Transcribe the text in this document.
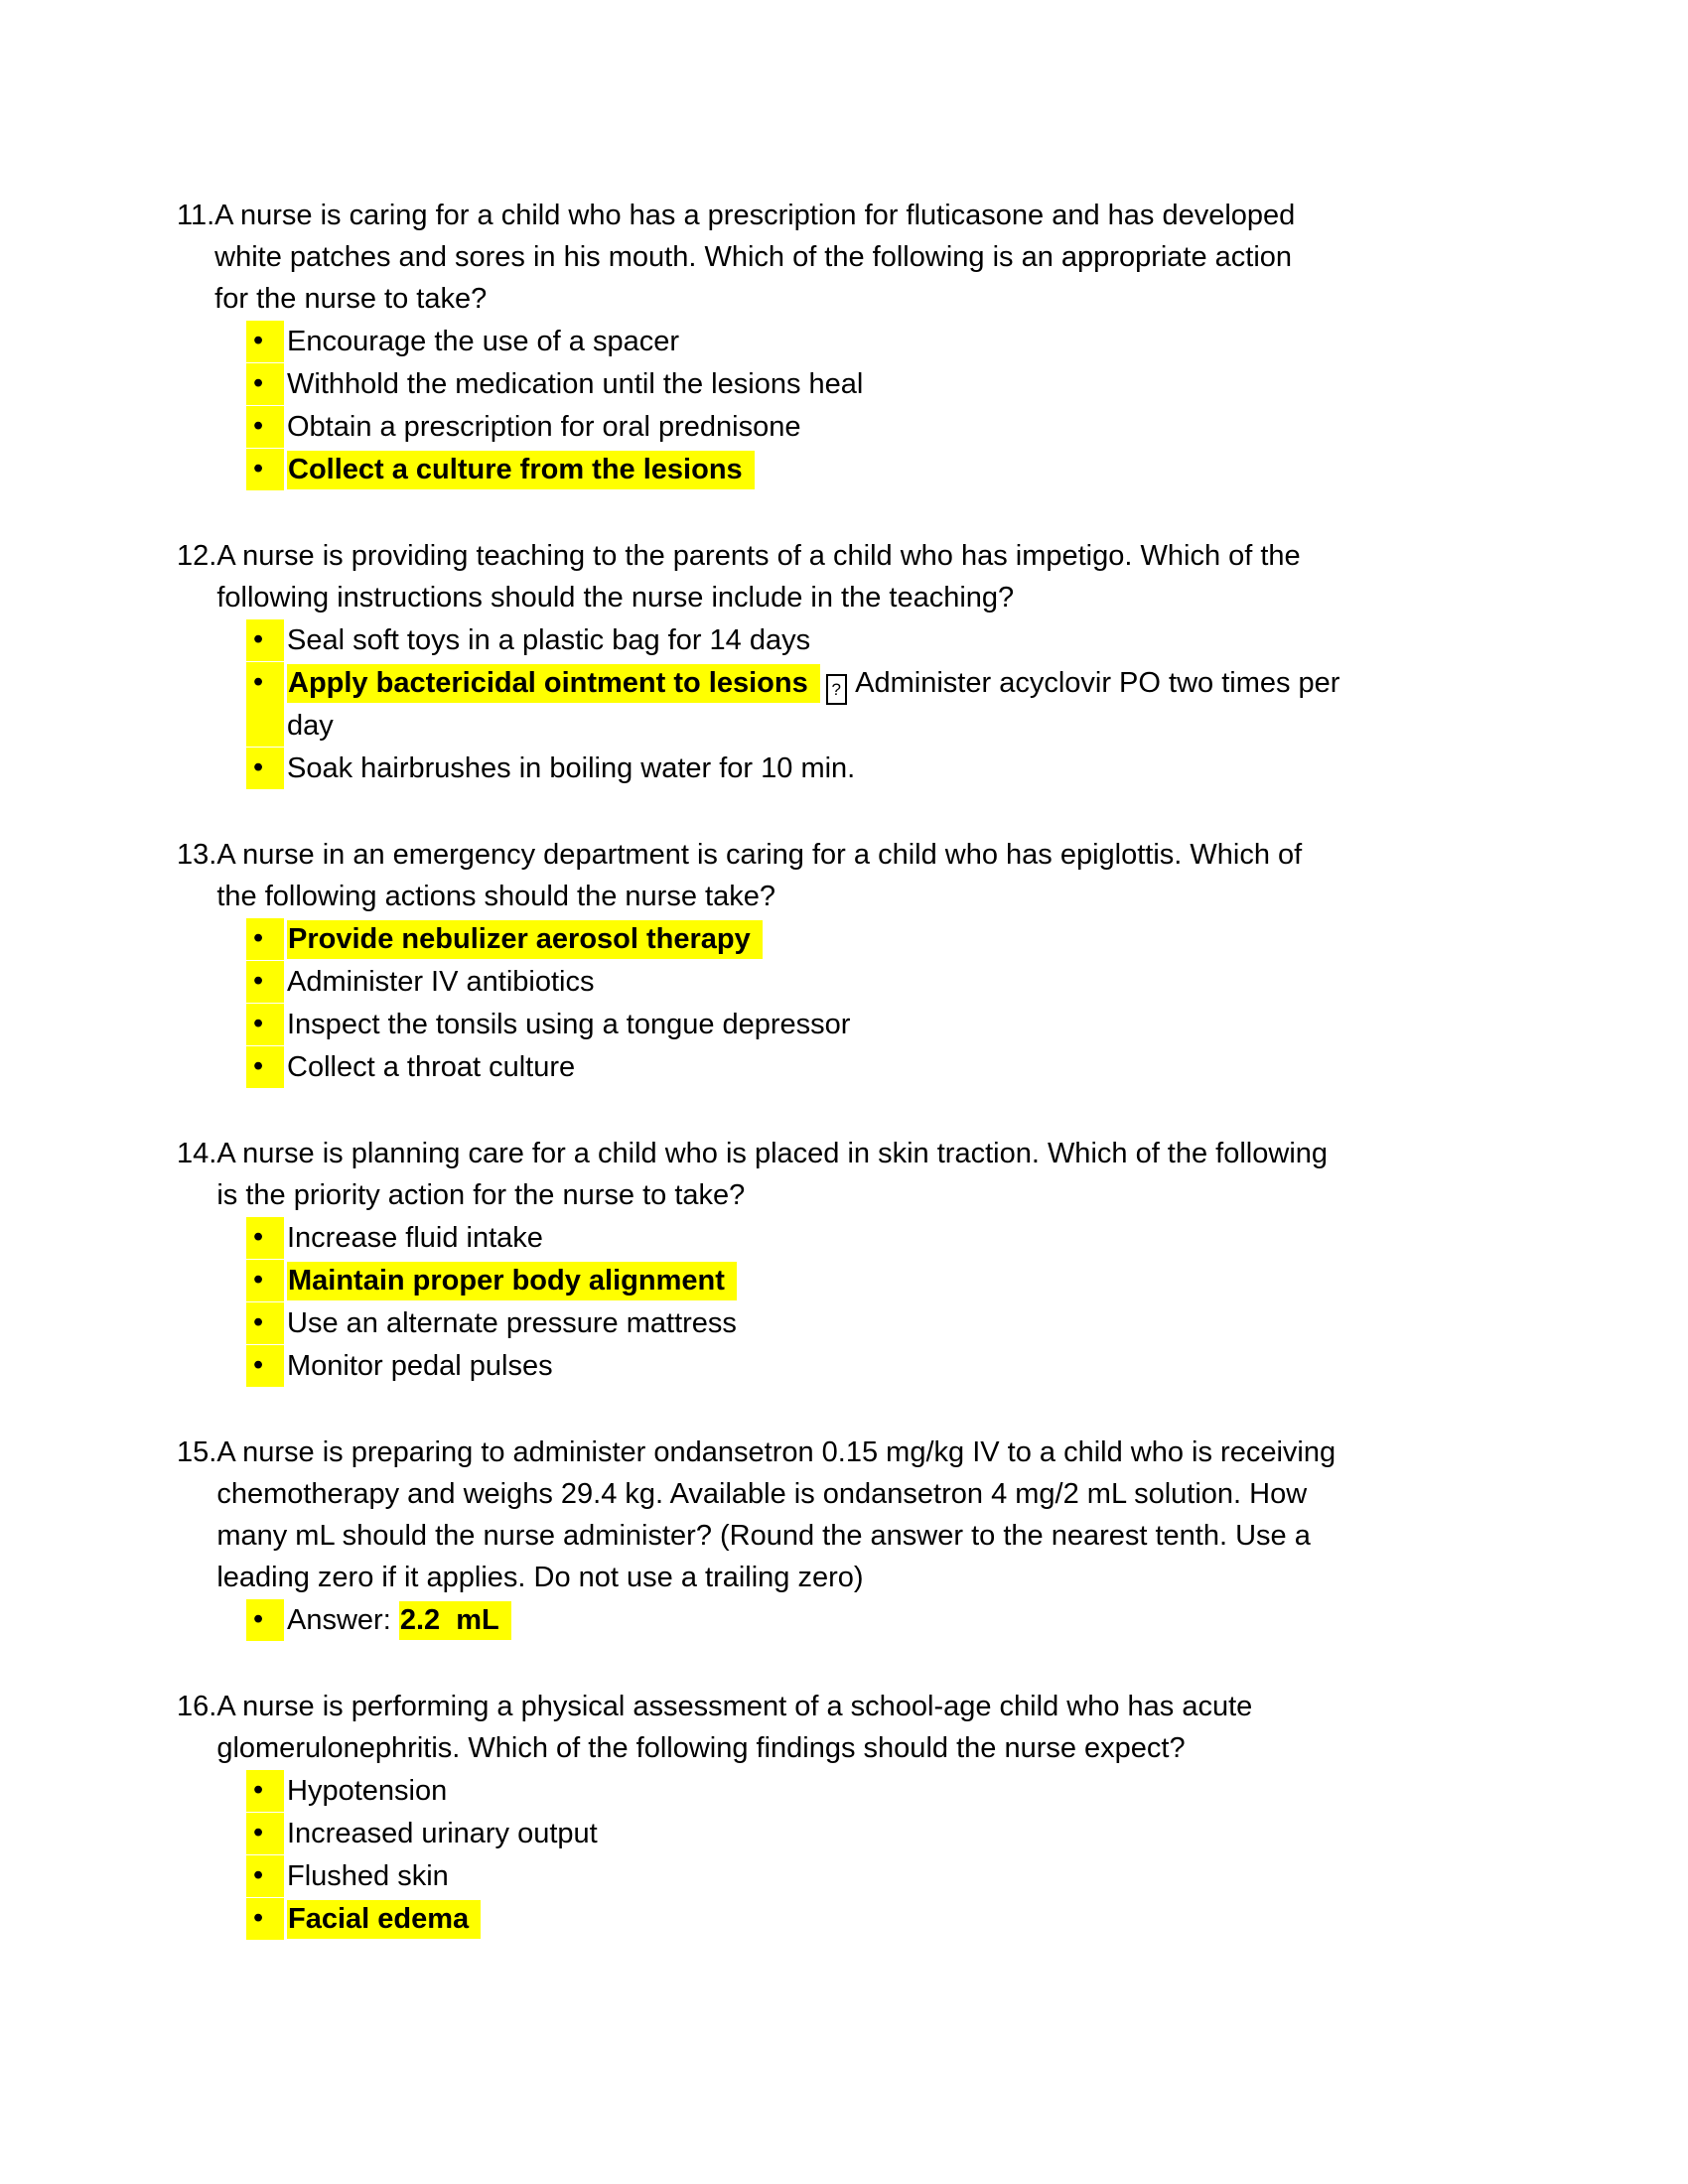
11. A nurse is caring for a child who has a prescription for fluticasone and has developed
white patches and sores in his mouth. Which of the following is an appropriate action
for the nurse to take?
• Encourage the use of a spacer
• Withhold the medication until the lesions heal
• Obtain a prescription for oral prednisone
• Collect a culture from the lesions
12. A nurse is providing teaching to the parents of a child who has impetigo. Which of the
following instructions should the nurse include in the teaching?
• Seal soft toys in a plastic bag for 14 days
• Apply bactericidal ointment to lesions ? Administer acyclovir PO two times per
day
• Soak hairbrushes in boiling water for 10 min.
13. A nurse in an emergency department is caring for a child who has epiglottis. Which of
the following actions should the nurse take?
• Provide nebulizer aerosol therapy
• Administer IV antibiotics
• Inspect the tonsils using a tongue depressor
• Collect a throat culture
14. A nurse is planning care for a child who is placed in skin traction. Which of the following
is the priority action for the nurse to take?
• Increase fluid intake
• Maintain proper body alignment
• Use an alternate pressure mattress
• Monitor pedal pulses
15. A nurse is preparing to administer ondansetron 0.15 mg/kg IV to a child who is receiving
chemotherapy and weighs 29.4 kg. Available is ondansetron 4 mg/2 mL solution. How
many mL should the nurse administer? (Round the answer to the nearest tenth. Use a
leading zero if it applies. Do not use a trailing zero)
• Answer: 2.2  mL
16. A nurse is performing a physical assessment of a school-age child who has acute
glomerulonephritis. Which of the following findings should the nurse expect?
• Hypotension
• Increased urinary output
• Flushed skin
• Facial edema
